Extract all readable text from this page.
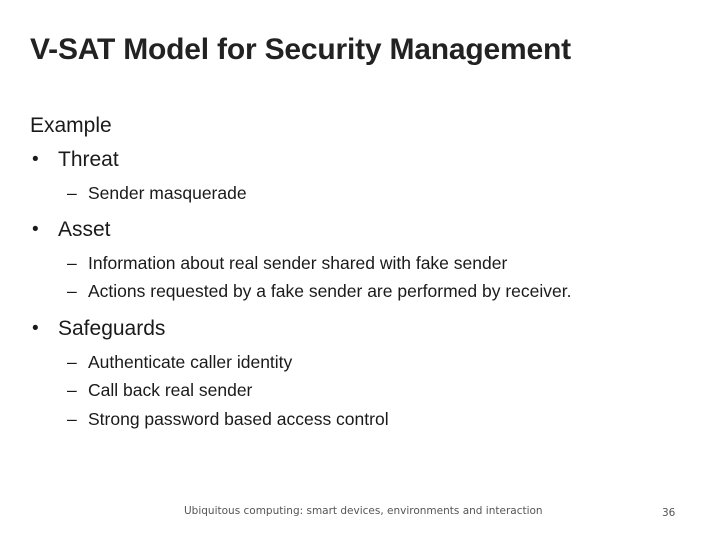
V-SAT Model for Security Management
Example
• Threat
– Sender masquerade
• Asset
– Information about real sender shared with fake sender
– Actions requested by a fake sender are performed by receiver.
• Safeguards
– Authenticate caller identity
– Call back real sender
– Strong password based access control
Ubiquitous computing: smart devices, environments and interaction	36
